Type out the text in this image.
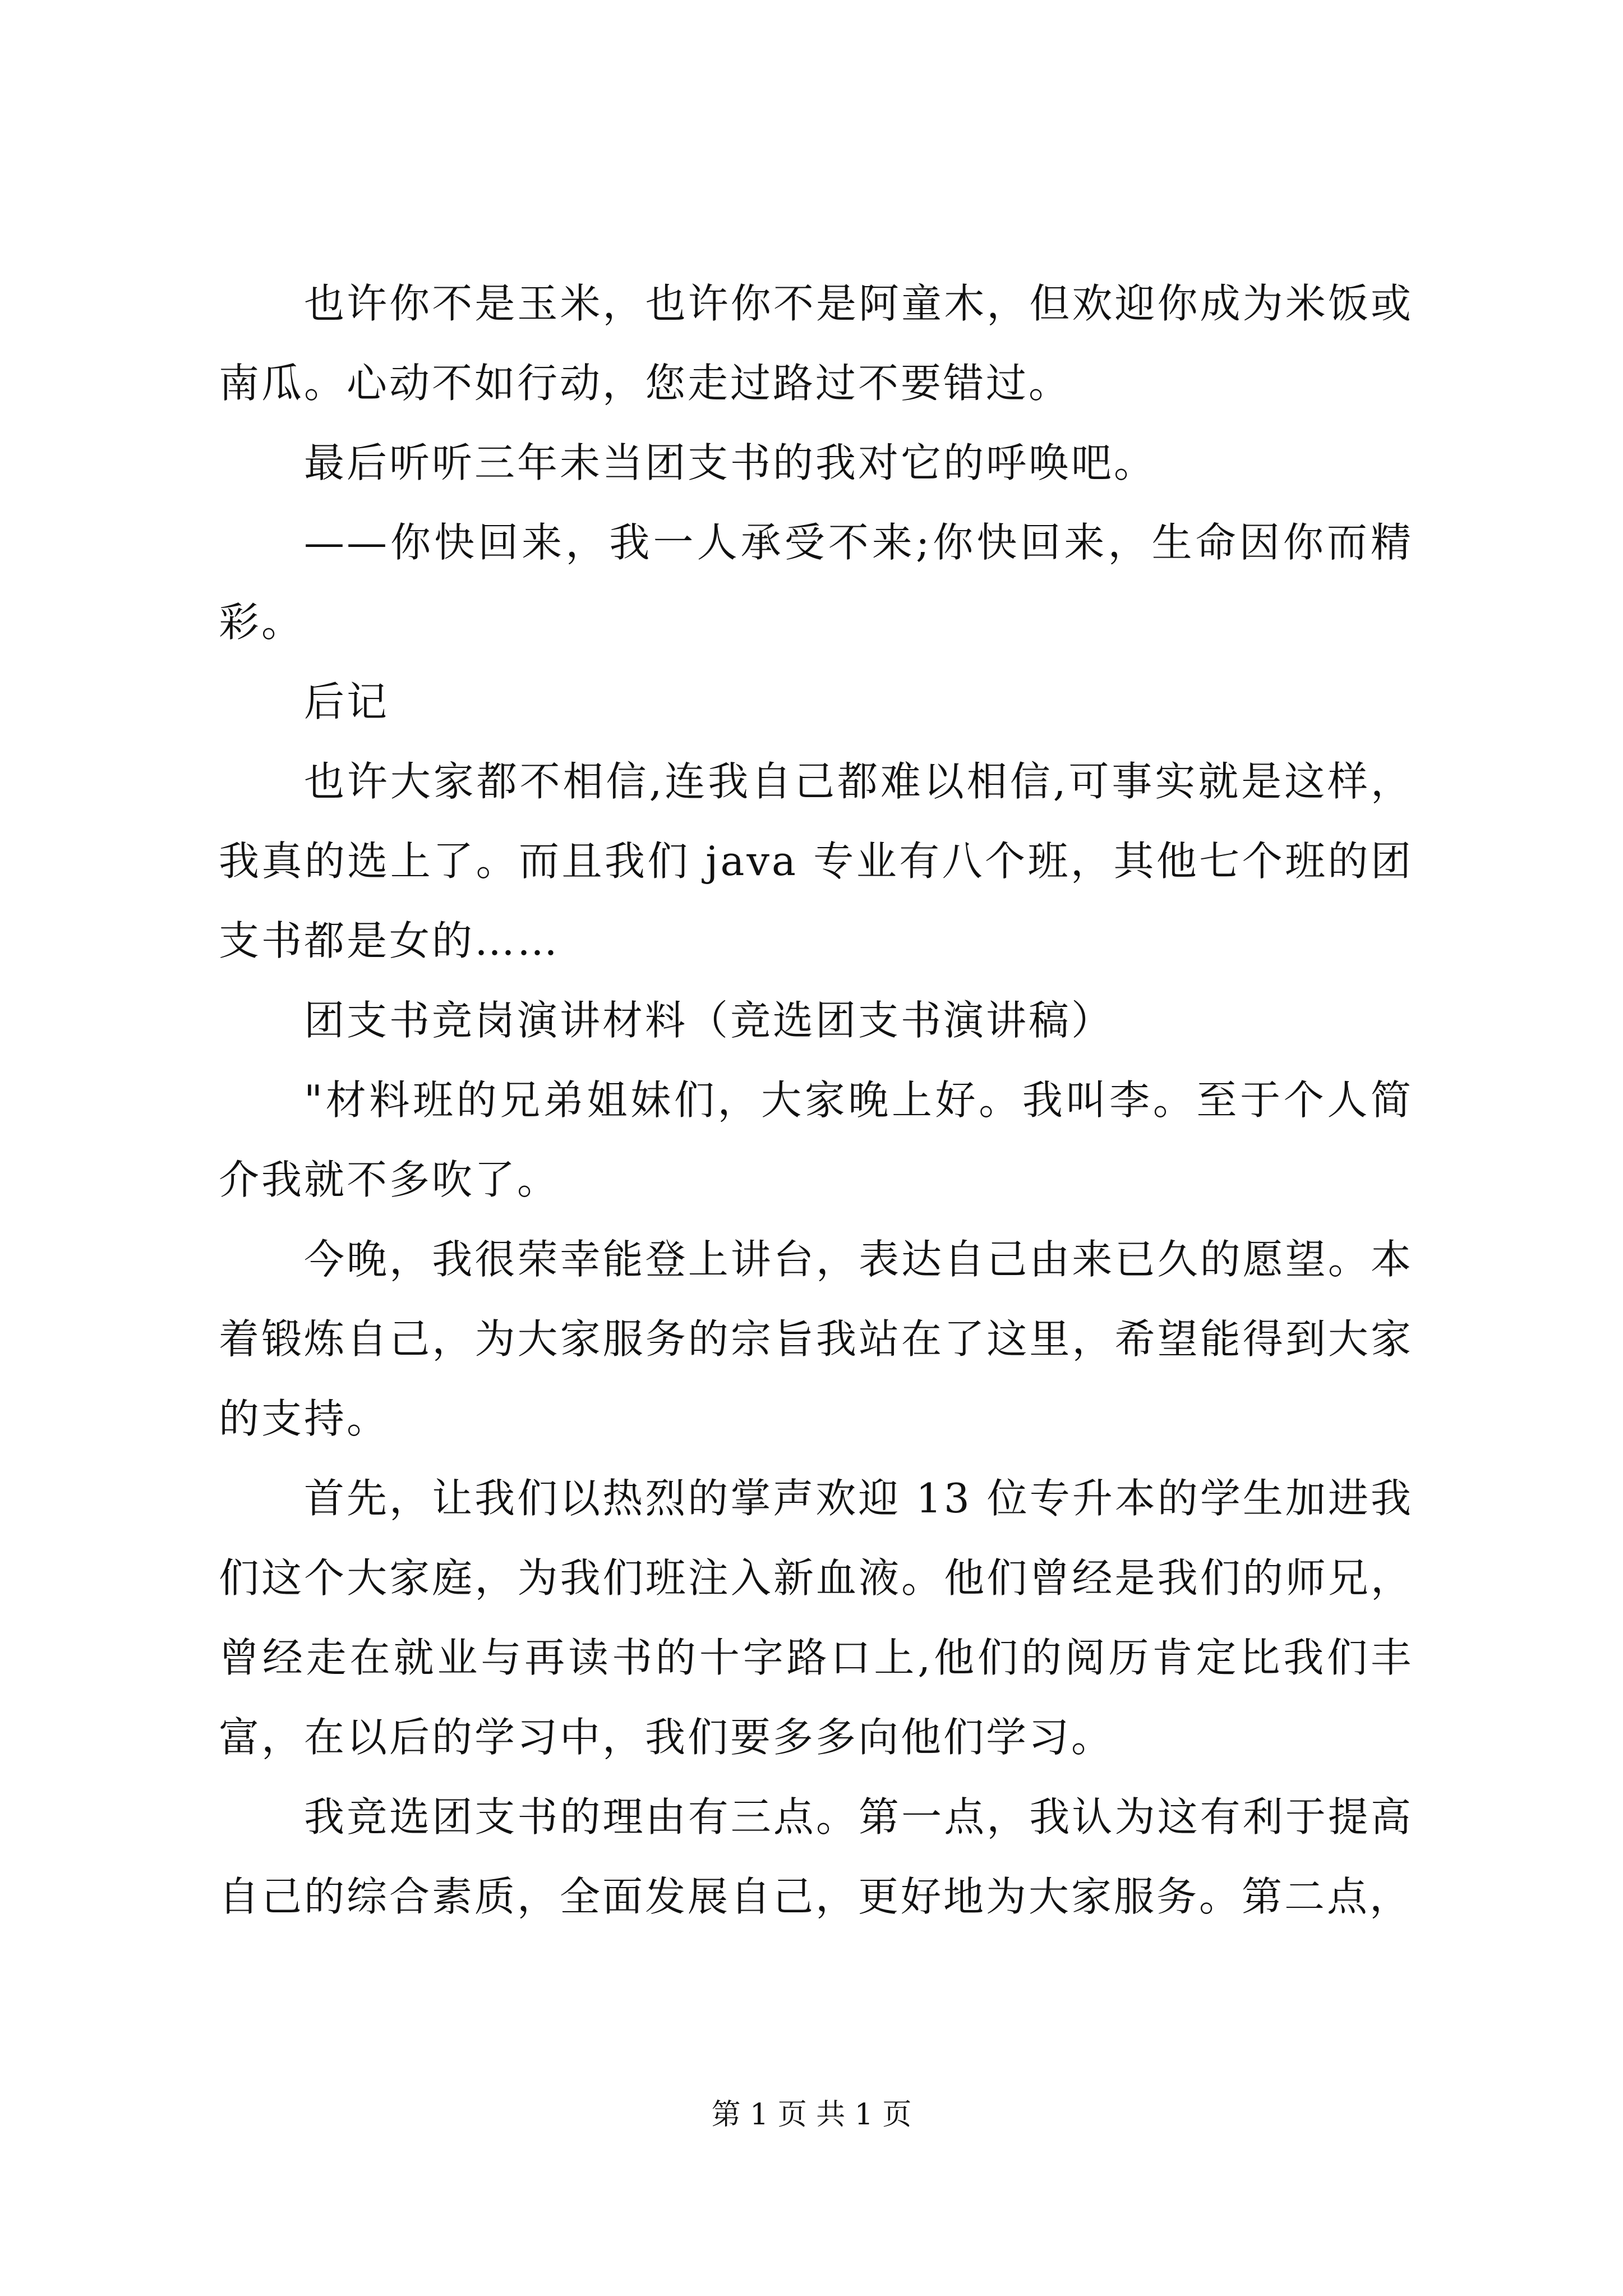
也许你不是玉米，也许你不是阿童木，但欢迎你成为米饭或南瓜。心动不如行动，您走过路过不要错过。

最后听听三年未当团支书的我对它的呼唤吧。

——你快回来，我一人承受不来;你快回来，生命因你而精彩。

后记

也许大家都不相信,连我自己都难以相信,可事实就是这样，我真的选上了。而且我们 java 专业有八个班，其他七个班的团支书都是女的……

团支书竞岗演讲材料（竞选团支书演讲稿）

"材料班的兄弟姐妹们，大家晚上好。我叫李。至于个人简介我就不多吹了。

今晚，我很荣幸能登上讲台，表达自己由来已久的愿望。本着锻炼自己，为大家服务的宗旨我站在了这里，希望能得到大家的支持。

首先，让我们以热烈的掌声欢迎 13 位专升本的学生加进我们这个大家庭，为我们班注入新血液。他们曾经是我们的师兄，曾经走在就业与再读书的十字路口上,他们的阅历肯定比我们丰富，在以后的学习中，我们要多多向他们学习。

我竞选团支书的理由有三点。第一点，我认为这有利于提高自己的综合素质，全面发展自己，更好地为大家服务。第二点，

第 1 页 共 1 页
